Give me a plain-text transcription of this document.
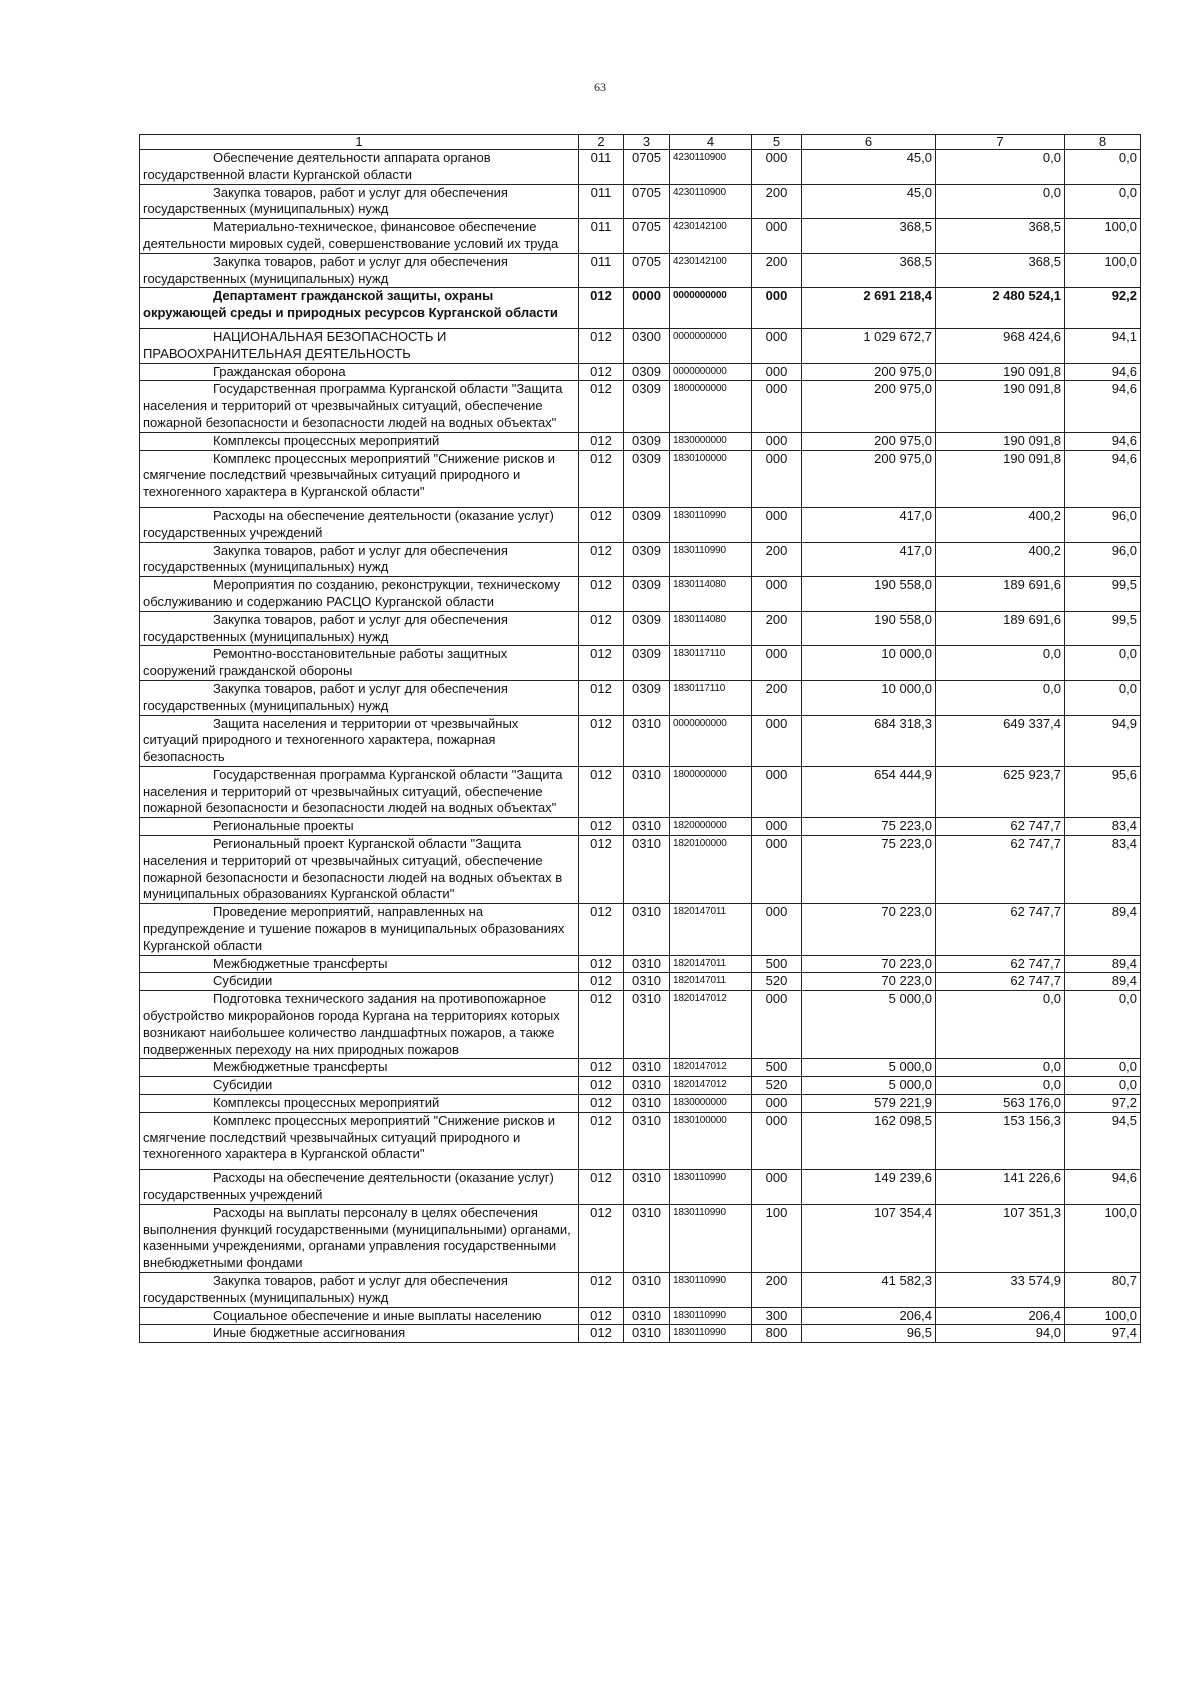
63
1	2	3	4	5	6	7	8
Обеспечение деятельности аппарата органов государственной власти Курганской области	011	0705	4230110900	000	45,0	0,0	0,0
Закупка товаров, работ и услуг для обеспечения государственных (муниципальных) нужд	011	0705	4230110900	200	45,0	0,0	0,0
Материально-техническое, финансовое обеспечение деятельности мировых судей, совершенствование условий их труда	011	0705	4230142100	000	368,5	368,5	100,0
Закупка товаров, работ и услуг для обеспечения государственных (муниципальных) нужд	011	0705	4230142100	200	368,5	368,5	100,0
Департамент гражданской защиты, охраны окружающей среды и природных ресурсов Курганской области	012	0000	0000000000	000	2 691 218,4	2 480 524,1	92,2
НАЦИОНАЛЬНАЯ БЕЗОПАСНОСТЬ И ПРАВООХРАНИТЕЛЬНАЯ ДЕЯТЕЛЬНОСТЬ	012	0300	0000000000	000	1 029 672,7	968 424,6	94,1
Гражданская оборона	012	0309	0000000000	000	200 975,0	190 091,8	94,6
Государственная программа Курганской области "Защита населения и территорий от чрезвычайных ситуаций, обеспечение пожарной безопасности и безопасности людей на водных объектах"	012	0309	1800000000	000	200 975,0	190 091,8	94,6
Комплексы процессных мероприятий	012	0309	1830000000	000	200 975,0	190 091,8	94,6
Комплекс процессных мероприятий "Снижение рисков и смягчение последствий чрезвычайных ситуаций природного и техногенного характера в Курганской области"	012	0309	1830100000	000	200 975,0	190 091,8	94,6
Расходы на обеспечение деятельности (оказание услуг) государственных учреждений	012	0309	1830110990	000	417,0	400,2	96,0
Закупка товаров, работ и услуг для обеспечения государственных (муниципальных) нужд	012	0309	1830110990	200	417,0	400,2	96,0
Мероприятия по созданию, реконструкции, техническому обслуживанию и содержанию РАСЦО Курганской области	012	0309	1830114080	000	190 558,0	189 691,6	99,5
Закупка товаров, работ и услуг для обеспечения государственных (муниципальных) нужд	012	0309	1830114080	200	190 558,0	189 691,6	99,5
Ремонтно-восстановительные работы защитных сооружений гражданской обороны	012	0309	1830117110	000	10 000,0	0,0	0,0
Закупка товаров, работ и услуг для обеспечения государственных (муниципальных) нужд	012	0309	1830117110	200	10 000,0	0,0	0,0
Защита населения и территории от чрезвычайных ситуаций природного и техногенного характера, пожарная безопасность	012	0310	0000000000	000	684 318,3	649 337,4	94,9
Государственная программа Курганской области "Защита населения и территорий от чрезвычайных ситуаций, обеспечение пожарной безопасности и безопасности людей на водных объектах"	012	0310	1800000000	000	654 444,9	625 923,7	95,6
Региональные проекты	012	0310	1820000000	000	75 223,0	62 747,7	83,4
Региональный проект Курганской области "Защита населения и территорий от чрезвычайных ситуаций, обеспечение пожарной безопасности и безопасности людей на водных объектах в муниципальных образованиях Курганской области"	012	0310	1820100000	000	75 223,0	62 747,7	83,4
Проведение мероприятий, направленных на предупреждение и тушение пожаров в муниципальных образованиях Курганской области	012	0310	1820147011	000	70 223,0	62 747,7	89,4
Межбюджетные трансферты	012	0310	1820147011	500	70 223,0	62 747,7	89,4
Субсидии	012	0310	1820147011	520	70 223,0	62 747,7	89,4
Подготовка технического задания на противопожарное обустройство микрорайонов города Кургана на территориях которых возникают наибольшее количество ландшафтных пожаров, а также подверженных переходу на них природных пожаров	012	0310	1820147012	000	5 000,0	0,0	0,0
Межбюджетные трансферты	012	0310	1820147012	500	5 000,0	0,0	0,0
Субсидии	012	0310	1820147012	520	5 000,0	0,0	0,0
Комплексы процессных мероприятий	012	0310	1830000000	000	579 221,9	563 176,0	97,2
Комплекс процессных мероприятий "Снижение рисков и смягчение последствий чрезвычайных ситуаций природного и техногенного характера в Курганской области"	012	0310	1830100000	000	162 098,5	153 156,3	94,5
Расходы на обеспечение деятельности (оказание услуг) государственных учреждений	012	0310	1830110990	000	149 239,6	141 226,6	94,6
Расходы на выплаты персоналу в целях обеспечения выполнения функций государственными (муниципальными) органами, казенными учреждениями, органами управления государственными внебюджетными фондами	012	0310	1830110990	100	107 354,4	107 351,3	100,0
Закупка товаров, работ и услуг для обеспечения государственных (муниципальных) нужд	012	0310	1830110990	200	41 582,3	33 574,9	80,7
Социальное обеспечение и иные выплаты населению	012	0310	1830110990	300	206,4	206,4	100,0
Иные бюджетные ассигнования	012	0310	1830110990	800	96,5	94,0	97,4
